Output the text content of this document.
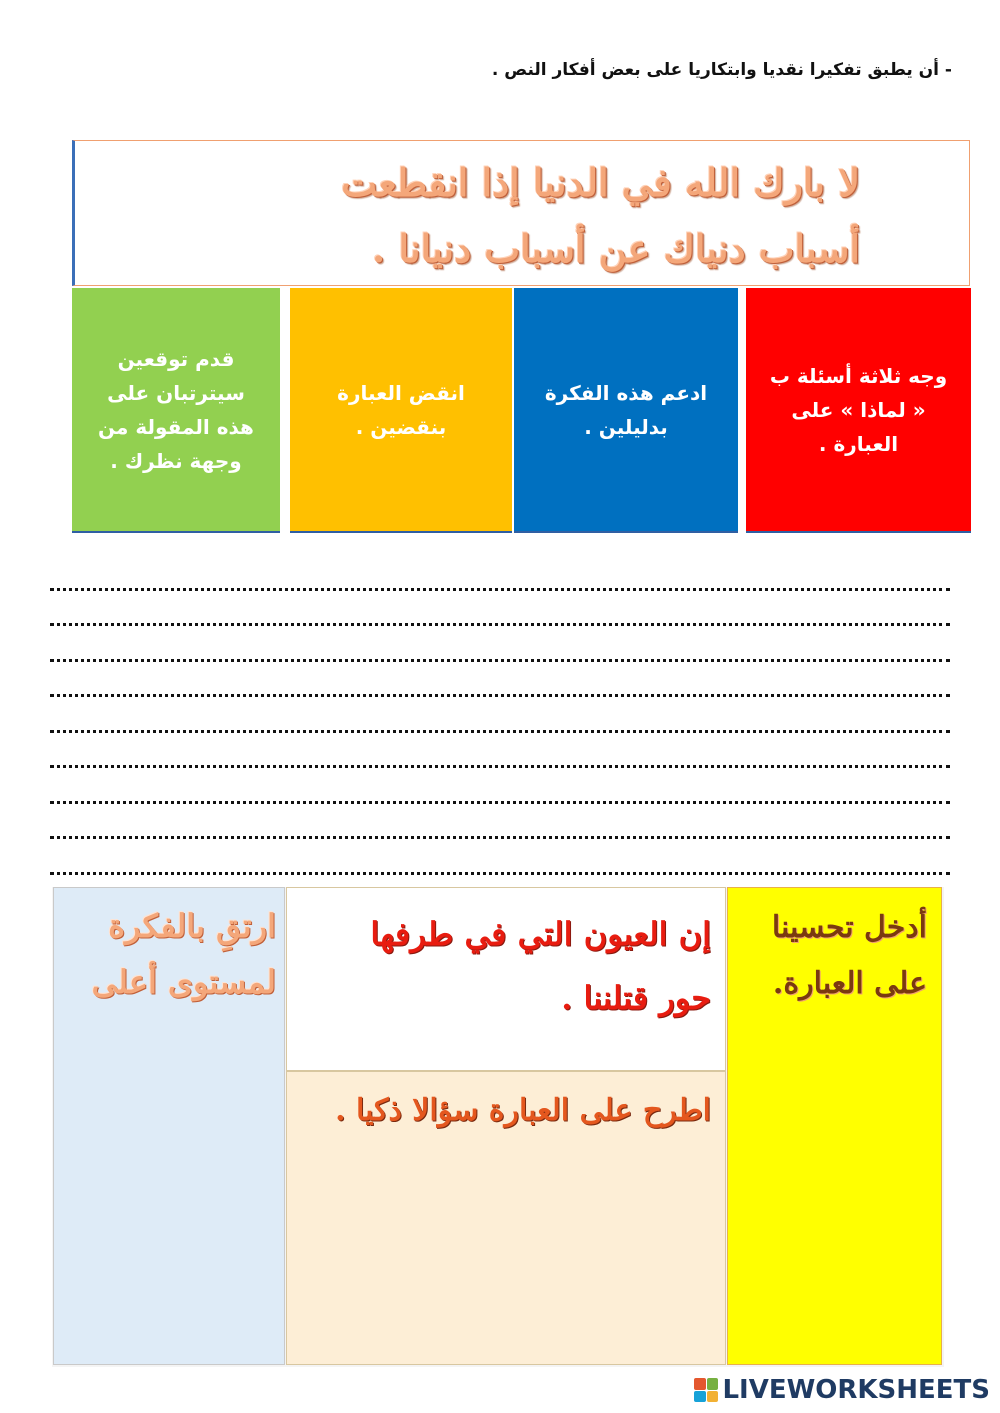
- أن يطبق تفكيرا نقديا وابتكاريا على بعض أفكار النص .
لا بارك الله في الدنيا إذا انقطعت
أسباب دنياك عن أسباب دنيانا .
وجه ثلاثة أسئلة ب « لماذا » على العبارة .
ادعم هذه الفكرة بدليلين .
انقض العبارة بنقضين .
قدم توقعين سيترتبان على هذه المقولة من وجهة نظرك .
أدخل تحسينا
على العبارة.
إن العيون التي في طرفها
حور قتلننا .
اطرح على العبارة سؤالا ذكيا .
ارتقِ بالفكرة
لمستوى أعلى
LIVEWORKSHEETS
